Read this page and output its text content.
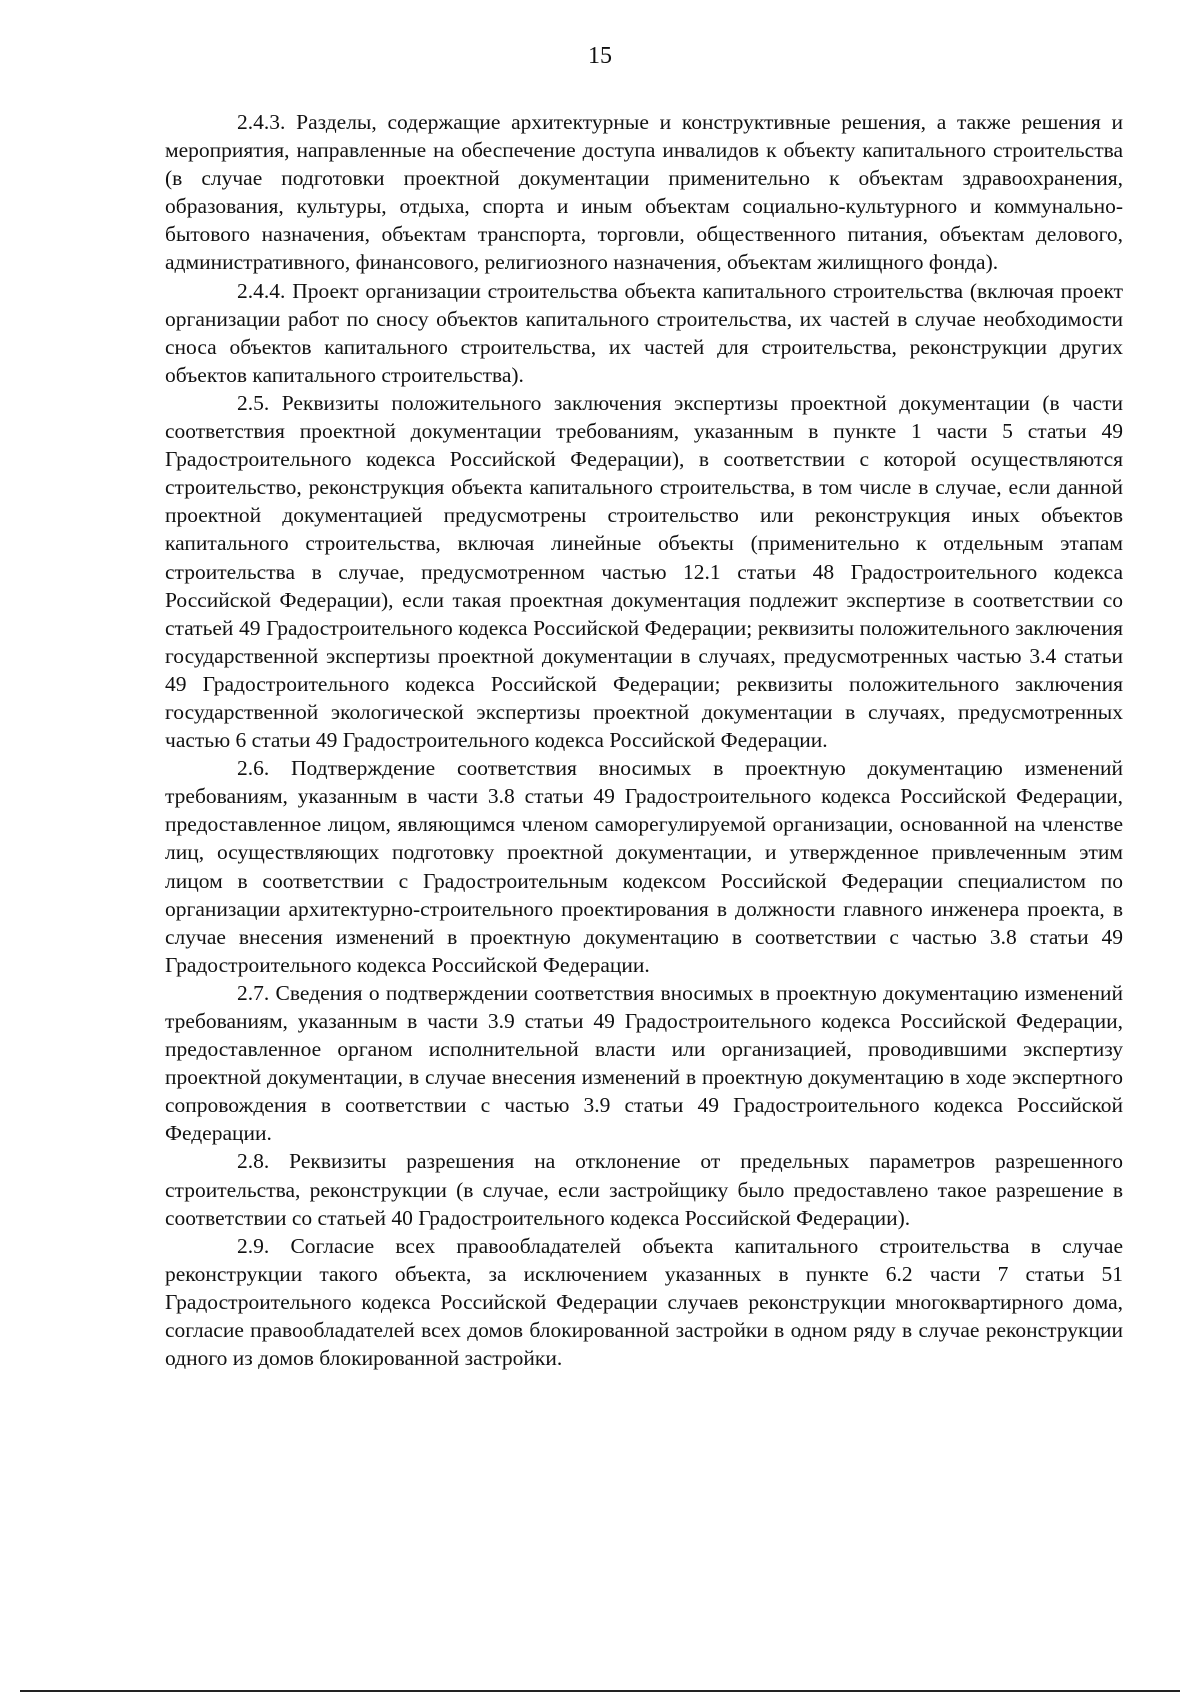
15

2.4.3. Разделы, содержащие архитектурные и конструктивные решения, а также решения и мероприятия, направленные на обеспечение доступа инвалидов к объекту капитального строительства (в случае подготовки проектной документации применительно к объектам здравоохранения, образования, культуры, отдыха, спорта и иным объектам социально-культурного и коммунально-бытового назначения, объектам транспорта, торговли, общественного питания, объектам делового, административного, финансового, религиозного назначения, объектам жилищного фонда).

2.4.4. Проект организации строительства объекта капитального строительства (включая проект организации работ по сносу объектов капитального строительства, их частей в случае необходимости сноса объектов капитального строительства, их частей для строительства, реконструкции других объектов капитального строительства).

2.5. Реквизиты положительного заключения экспертизы проектной документации (в части соответствия проектной документации требованиям, указанным в пункте 1 части 5 статьи 49 Градостроительного кодекса Российской Федерации), в соответствии с которой осуществляются строительство, реконструкция объекта капитального строительства, в том числе в случае, если данной проектной документацией предусмотрены строительство или реконструкция иных объектов капитального строительства, включая линейные объекты (применительно к отдельным этапам строительства в случае, предусмотренном частью 12.1 статьи 48 Градостроительного кодекса Российской Федерации), если такая проектная документация подлежит экспертизе в соответствии со статьей 49 Градостроительного кодекса Российской Федерации; реквизиты положительного заключения государственной экспертизы проектной документации в случаях, предусмотренных частью 3.4 статьи 49 Градостроительного кодекса Российской Федерации; реквизиты положительного заключения государственной экологической экспертизы проектной документации в случаях, предусмотренных частью 6 статьи 49 Градостроительного кодекса Российской Федерации.

2.6. Подтверждение соответствия вносимых в проектную документацию изменений требованиям, указанным в части 3.8 статьи 49 Градостроительного кодекса Российской Федерации, предоставленное лицом, являющимся членом саморегулируемой организации, основанной на членстве лиц, осуществляющих подготовку проектной документации, и утвержденное привлеченным этим лицом в соответствии с Градостроительным кодексом Российской Федерации специалистом по организации архитектурно-строительного проектирования в должности главного инженера проекта, в случае внесения изменений в проектную документацию в соответствии с частью 3.8 статьи 49 Градостроительного кодекса Российской Федерации.

2.7. Сведения о подтверждении соответствия вносимых в проектную документацию изменений требованиям, указанным в части 3.9 статьи 49 Градостроительного кодекса Российской Федерации, предоставленное органом исполнительной власти или организацией, проводившими экспертизу проектной документации, в случае внесения изменений в проектную документацию в ходе экспертного сопровождения в соответствии с частью 3.9 статьи 49 Градостроительного кодекса Российской Федерации.

2.8. Реквизиты разрешения на отклонение от предельных параметров разрешенного строительства, реконструкции (в случае, если застройщику было предоставлено такое разрешение в соответствии со статьей 40 Градостроительного кодекса Российской Федерации).

2.9. Согласие всех правообладателей объекта капитального строительства в случае реконструкции такого объекта, за исключением указанных в пункте 6.2 части 7 статьи 51 Градостроительного кодекса Российской Федерации случаев реконструкции многоквартирного дома, согласие правообладателей всех домов блокированной застройки в одном ряду в случае реконструкции одного из домов блокированной застройки.
